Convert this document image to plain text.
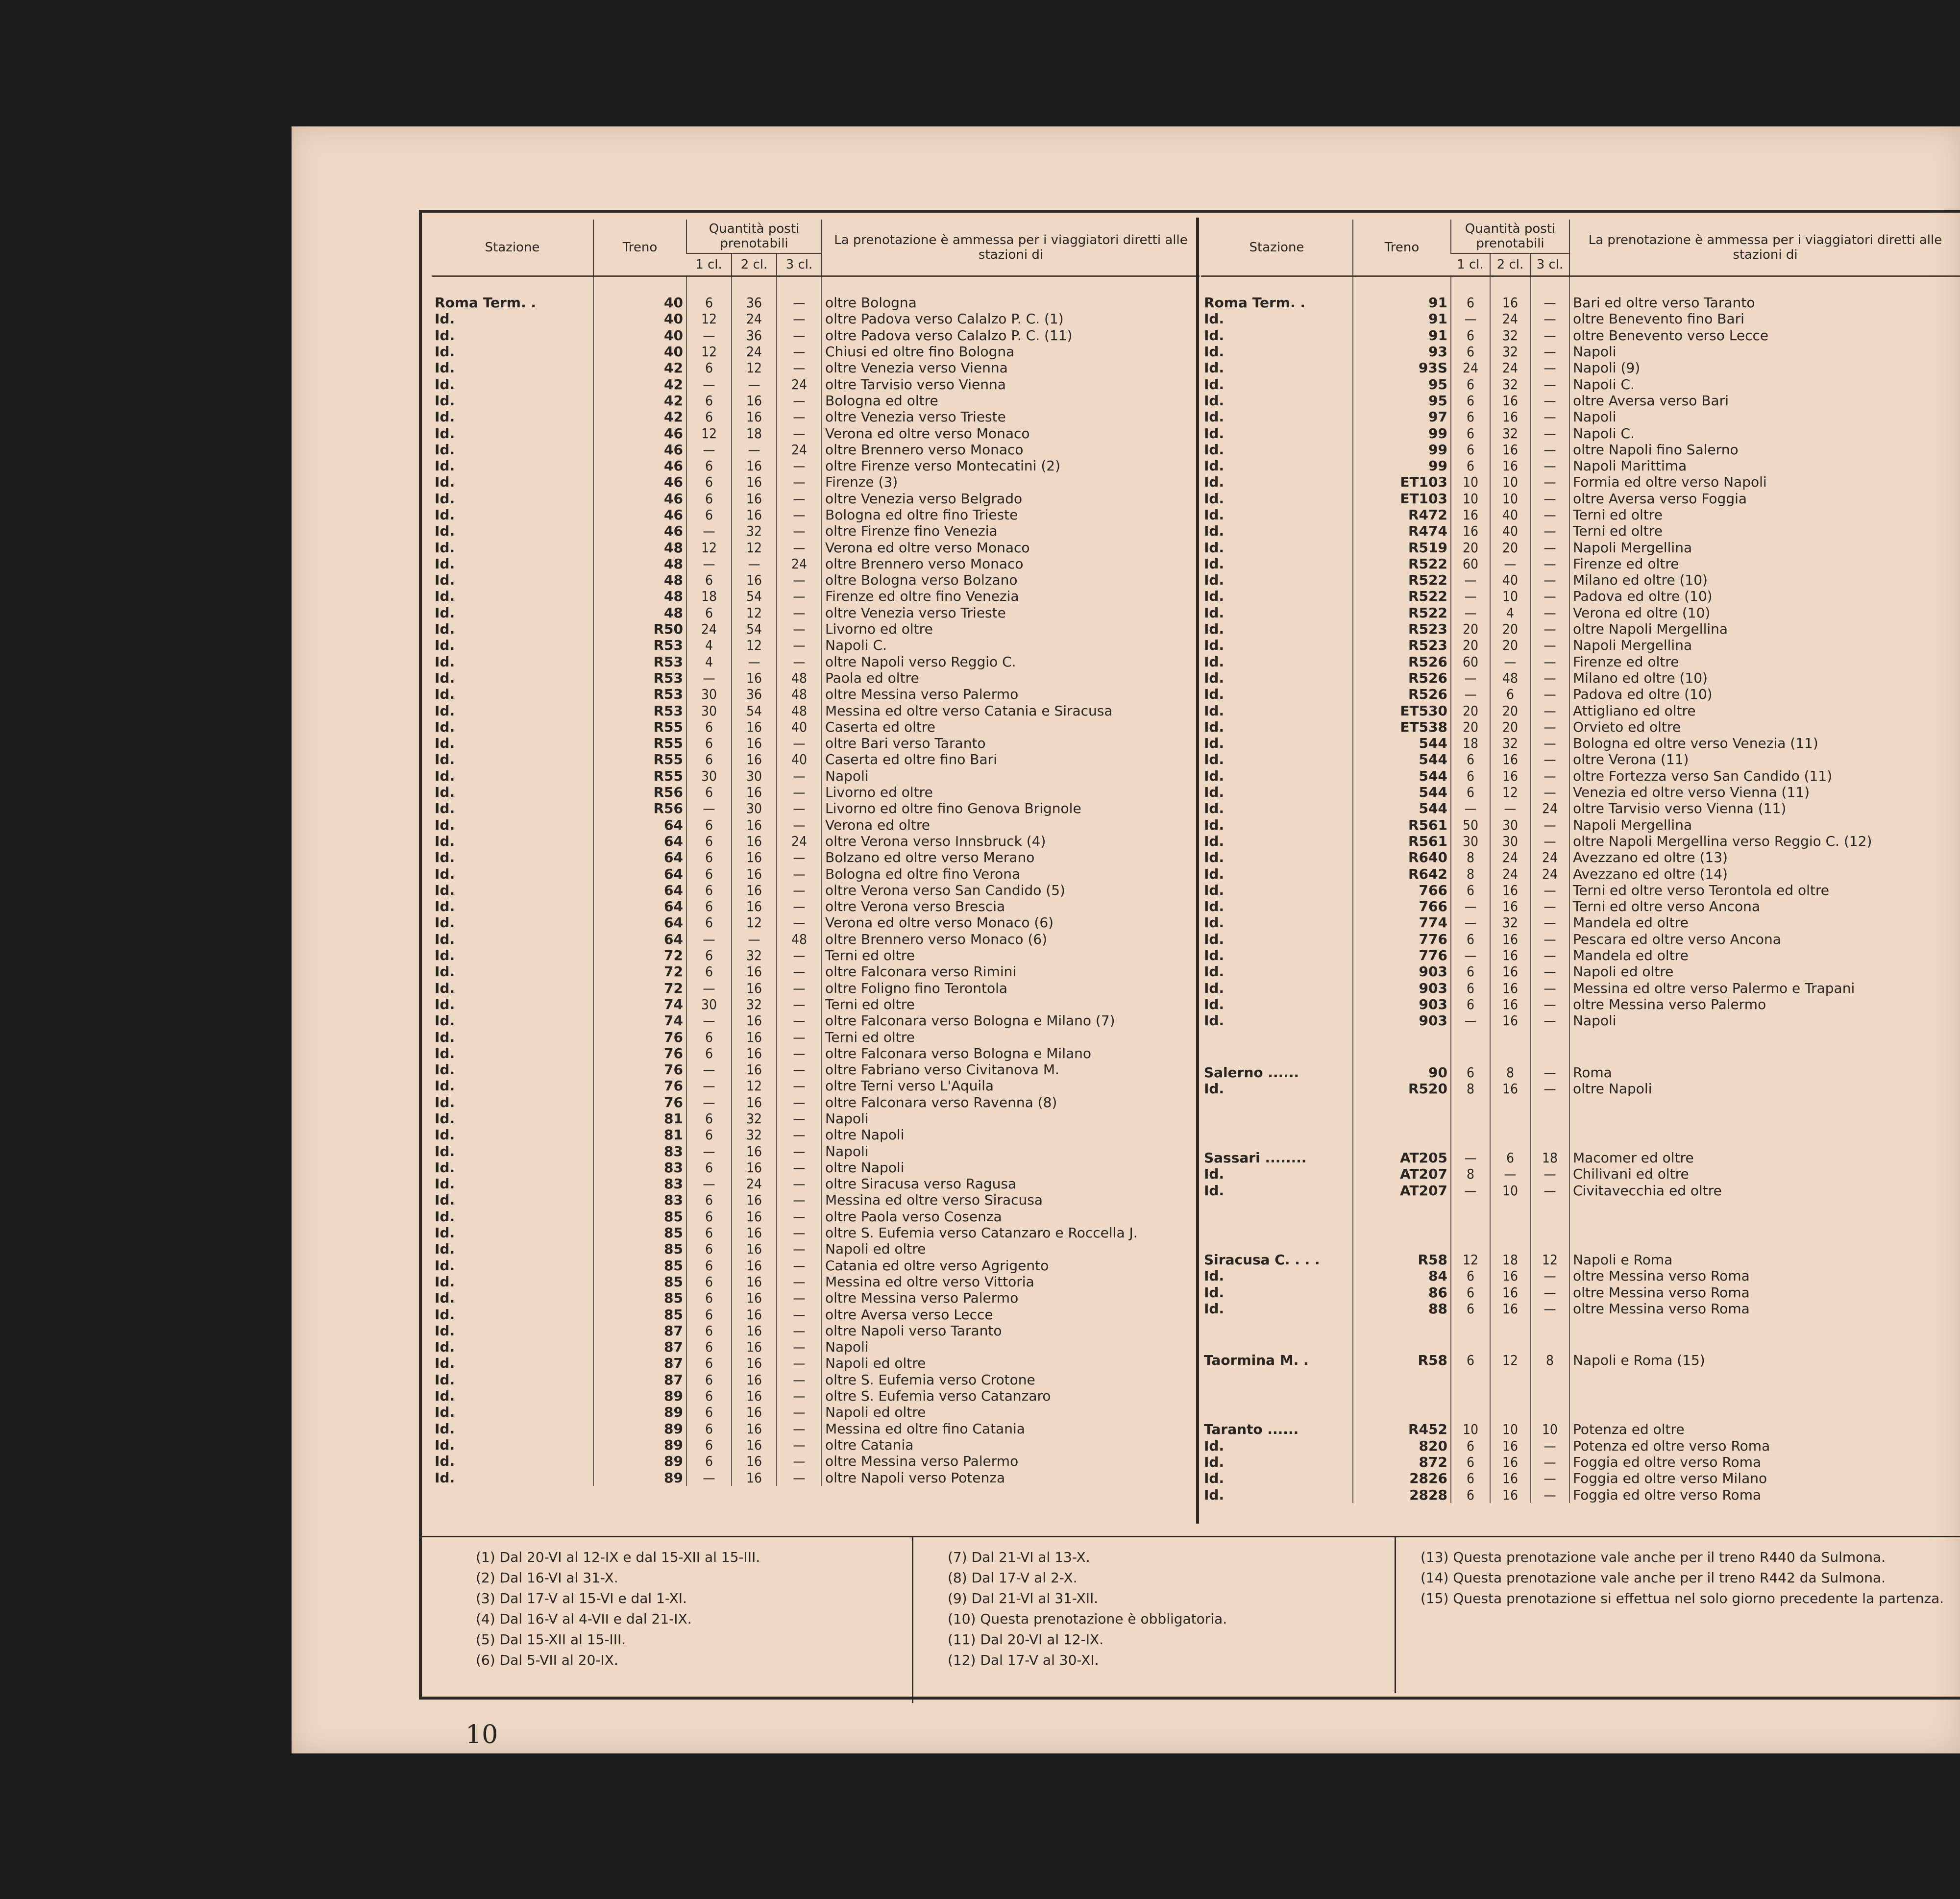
Stazione	Treno	Quantità posti prenotabili			La prenotazione è ammessa per i viaggiatori diretti alle stazioni di
		1 cl.	2 cl.	3 cl.	
Roma Term. .	40	6	36	—	oltre Bologna
Id.	40	12	24	—	oltre Padova verso Calalzo P. C. (1)
Id.	40	—	36	—	oltre Padova verso Calalzo P. C. (11)
Id.	40	12	24	—	Chiusi ed oltre fino Bologna
Id.	42	6	12	—	oltre Venezia verso Vienna
Id.	42	—	—	24	oltre Tarvisio verso Vienna
Id.	42	6	16	—	Bologna ed oltre
Id.	42	6	16	—	oltre Venezia verso Trieste
Id.	46	12	18	—	Verona ed oltre verso Monaco
Id.	46	—	—	24	oltre Brennero verso Monaco
Id.	46	6	16	—	oltre Firenze verso Montecatini (2)
Id.	46	6	16	—	Firenze (3)
Id.	46	6	16	—	oltre Venezia verso Belgrado
Id.	46	6	16	—	Bologna ed oltre fino Trieste
Id.	46	—	32	—	oltre Firenze fino Venezia
Id.	48	12	12	—	Verona ed oltre verso Monaco
Id.	48	—	—	24	oltre Brennero verso Monaco
Id.	48	6	16	—	oltre Bologna verso Bolzano
Id.	48	18	54	—	Firenze ed oltre fino Venezia
Id.	48	6	12	—	oltre Venezia verso Trieste
Id.	R50	24	54	—	Livorno ed oltre
Id.	R53	4	12	—	Napoli C.
Id.	R53	4	—	—	oltre Napoli verso Reggio C.
Id.	R53	—	16	48	Paola ed oltre
Id.	R53	30	36	48	oltre Messina verso Palermo
Id.	R53	30	54	48	Messina ed oltre verso Catania e Siracusa
Id.	R55	6	16	40	Caserta ed oltre
Id.	R55	6	16	—	oltre Bari verso Taranto
Id.	R55	6	16	40	Caserta ed oltre fino Bari
Id.	R55	30	30	—	Napoli
Id.	R56	6	16	—	Livorno ed oltre
Id.	R56	—	30	—	Livorno ed oltre fino Genova Brignole
Id.	64	6	16	—	Verona ed oltre
Id.	64	6	16	24	oltre Verona verso Innsbruck (4)
Id.	64	6	16	—	Bolzano ed oltre verso Merano
Id.	64	6	16	—	Bologna ed oltre fino Verona
Id.	64	6	16	—	oltre Verona verso San Candido (5)
Id.	64	6	16	—	oltre Verona verso Brescia
Id.	64	6	12	—	Verona ed oltre verso Monaco (6)
Id.	64	—	—	48	oltre Brennero verso Monaco (6)
Id.	72	6	32	—	Terni ed oltre
Id.	72	6	16	—	oltre Falconara verso Rimini
Id.	72	—	16	—	oltre Foligno fino Terontola
Id.	74	30	32	—	Terni ed oltre
Id.	74	—	16	—	oltre Falconara verso Bologna e Milano (7)
Id.	76	6	16	—	Terni ed oltre
Id.	76	6	16	—	oltre Falconara verso Bologna e Milano
Id.	76	—	16	—	oltre Fabriano verso Civitanova M.
Id.	76	—	12	—	oltre Terni verso L'Aquila
Id.	76	—	16	—	oltre Falconara verso Ravenna (8)
Id.	81	6	32	—	Napoli
Id.	81	6	32	—	oltre Napoli
Id.	83	—	16	—	Napoli
Id.	83	6	16	—	oltre Napoli
Id.	83	—	24	—	oltre Siracusa verso Ragusa
Id.	83	6	16	—	Messina ed oltre verso Siracusa
Id.	85	6	16	—	oltre Paola verso Cosenza
Id.	85	6	16	—	oltre S. Eufemia verso Catanzaro e Roccella J.
Id.	85	6	16	—	Napoli ed oltre
Id.	85	6	16	—	Catania ed oltre verso Agrigento
Id.	85	6	16	—	Messina ed oltre verso Vittoria
Id.	85	6	16	—	oltre Messina verso Palermo
Id.	85	6	16	—	oltre Aversa verso Lecce
Id.	87	6	16	—	oltre Napoli verso Taranto
Id.	87	6	16	—	Napoli
Id.	87	6	16	—	Napoli ed oltre
Id.	87	6	16	—	oltre S. Eufemia verso Crotone
Id.	89	6	16	—	oltre S. Eufemia verso Catanzaro
Id.	89	6	16	—	Napoli ed oltre
Id.	89	6	16	—	Messina ed oltre fino Catania
Id.	89	6	16	—	oltre Catania
Id.	89	6	16	—	oltre Messina verso Palermo
Id.	89	—	16	—	oltre Napoli verso Potenza
Stazione	Treno	Quantità posti prenotabili			La prenotazione è ammessa per i viaggiatori diretti alle stazioni di
		1 cl.	2 cl.	3 cl.	
Roma Term. .	91	6	16	—	Bari ed oltre verso Taranto
Id.	91	—	24	—	oltre Benevento fino Bari
Id.	91	6	32	—	oltre Benevento verso Lecce
Id.	93	6	32	—	Napoli
Id.	93S	24	24	—	Napoli (9)
Id.	95	6	32	—	Napoli C.
Id.	95	6	16	—	oltre Aversa verso Bari
Id.	97	6	16	—	Napoli
Id.	99	6	32	—	Napoli C.
Id.	99	6	16	—	oltre Napoli fino Salerno
Id.	99	6	16	—	Napoli Marittima
Id.	ET103	10	10	—	Formia ed oltre verso Napoli
Id.	ET103	10	10	—	oltre Aversa verso Foggia
Id.	R472	16	40	—	Terni ed oltre
Id.	R474	16	40	—	Terni ed oltre
Id.	R519	20	20	—	Napoli Mergellina
Id.	R522	60	—	—	Firenze ed oltre
Id.	R522	—	40	—	Milano ed oltre (10)
Id.	R522	—	10	—	Padova ed oltre (10)
Id.	R522	—	4	—	Verona ed oltre (10)
Id.	R523	20	20	—	oltre Napoli Mergellina
Id.	R523	20	20	—	Napoli Mergellina
Id.	R526	60	—	—	Firenze ed oltre
Id.	R526	—	48	—	Milano ed oltre (10)
Id.	R526	—	6	—	Padova ed oltre (10)
Id.	ET530	20	20	—	Attigliano ed oltre
Id.	ET538	20	20	—	Orvieto ed oltre
Id.	544	18	32	—	Bologna ed oltre verso Venezia (11)
Id.	544	6	16	—	oltre Verona (11)
Id.	544	6	16	—	oltre Fortezza verso San Candido (11)
Id.	544	6	12	—	Venezia ed oltre verso Vienna (11)
Id.	544	—	—	24	oltre Tarvisio verso Vienna (11)
Id.	R561	50	30	—	Napoli Mergellina
Id.	R561	30	30	—	oltre Napoli Mergellina verso Reggio C. (12)
Id.	R640	8	24	24	Avezzano ed oltre (13)
Id.	R642	8	24	24	Avezzano ed oltre (14)
Id.	766	6	16	—	Terni ed oltre verso Terontola ed oltre
Id.	766	—	16	—	Terni ed oltre verso Ancona
Id.	774	—	32	—	Mandela ed oltre
Id.	776	6	16	—	Pescara ed oltre verso Ancona
Id.	776	—	16	—	Mandela ed oltre
Id.	903	6	16	—	Napoli ed oltre
Id.	903	6	16	—	Messina ed oltre verso Palermo e Trapani
Id.	903	6	16	—	oltre Messina verso Palermo
Id.	903	—	16	—	Napoli

Salerno ......	90	6	8	—	Roma
Id.	R520	8	16	—	oltre Napoli

Sassari ........	AT205	—	6	18	Macomer ed oltre
Id.	AT207	8	—	—	Chilivani ed oltre
Id.	AT207	—	10	—	Civitavecchia ed oltre

Siracusa C. . . .	R58	12	18	12	Napoli e Roma
Id.	84	6	16	—	oltre Messina verso Roma
Id.	86	6	16	—	oltre Messina verso Roma
Id.	88	6	16	—	oltre Messina verso Roma

Taormina M. .	R58	6	12	8	Napoli e Roma (15)

Taranto ......	R452	10	10	10	Potenza ed oltre
Id.	820	6	16	—	Potenza ed oltre verso Roma
Id.	872	6	16	—	Foggia ed oltre verso Roma
Id.	2826	6	16	—	Foggia ed oltre verso Milano
Id.	2828	6	16	—	Foggia ed oltre verso Roma
(1) Dal 20-VI al 12-IX e dal 15-XII al 15-III.
(2) Dal 16-VI al 31-X.
(3) Dal 17-V al 15-VI e dal 1-XI.
(4) Dal 16-V al 4-VII e dal 21-IX.
(5) Dal 15-XII al 15-III.
(6) Dal 5-VII al 20-IX.
(7) Dal 21-VI al 13-X.
(8) Dal 17-V al 2-X.
(9) Dal 21-VI al 31-XII.
(10) Questa prenotazione è obbligatoria.
(11) Dal 20-VI al 12-IX.
(12) Dal 17-V al 30-XI.
(13) Questa prenotazione vale anche per il treno R440 da Sulmona.
(14) Questa prenotazione vale anche per il treno R442 da Sulmona.
(15) Questa prenotazione si effettua nel solo giorno precedente la partenza.
10
